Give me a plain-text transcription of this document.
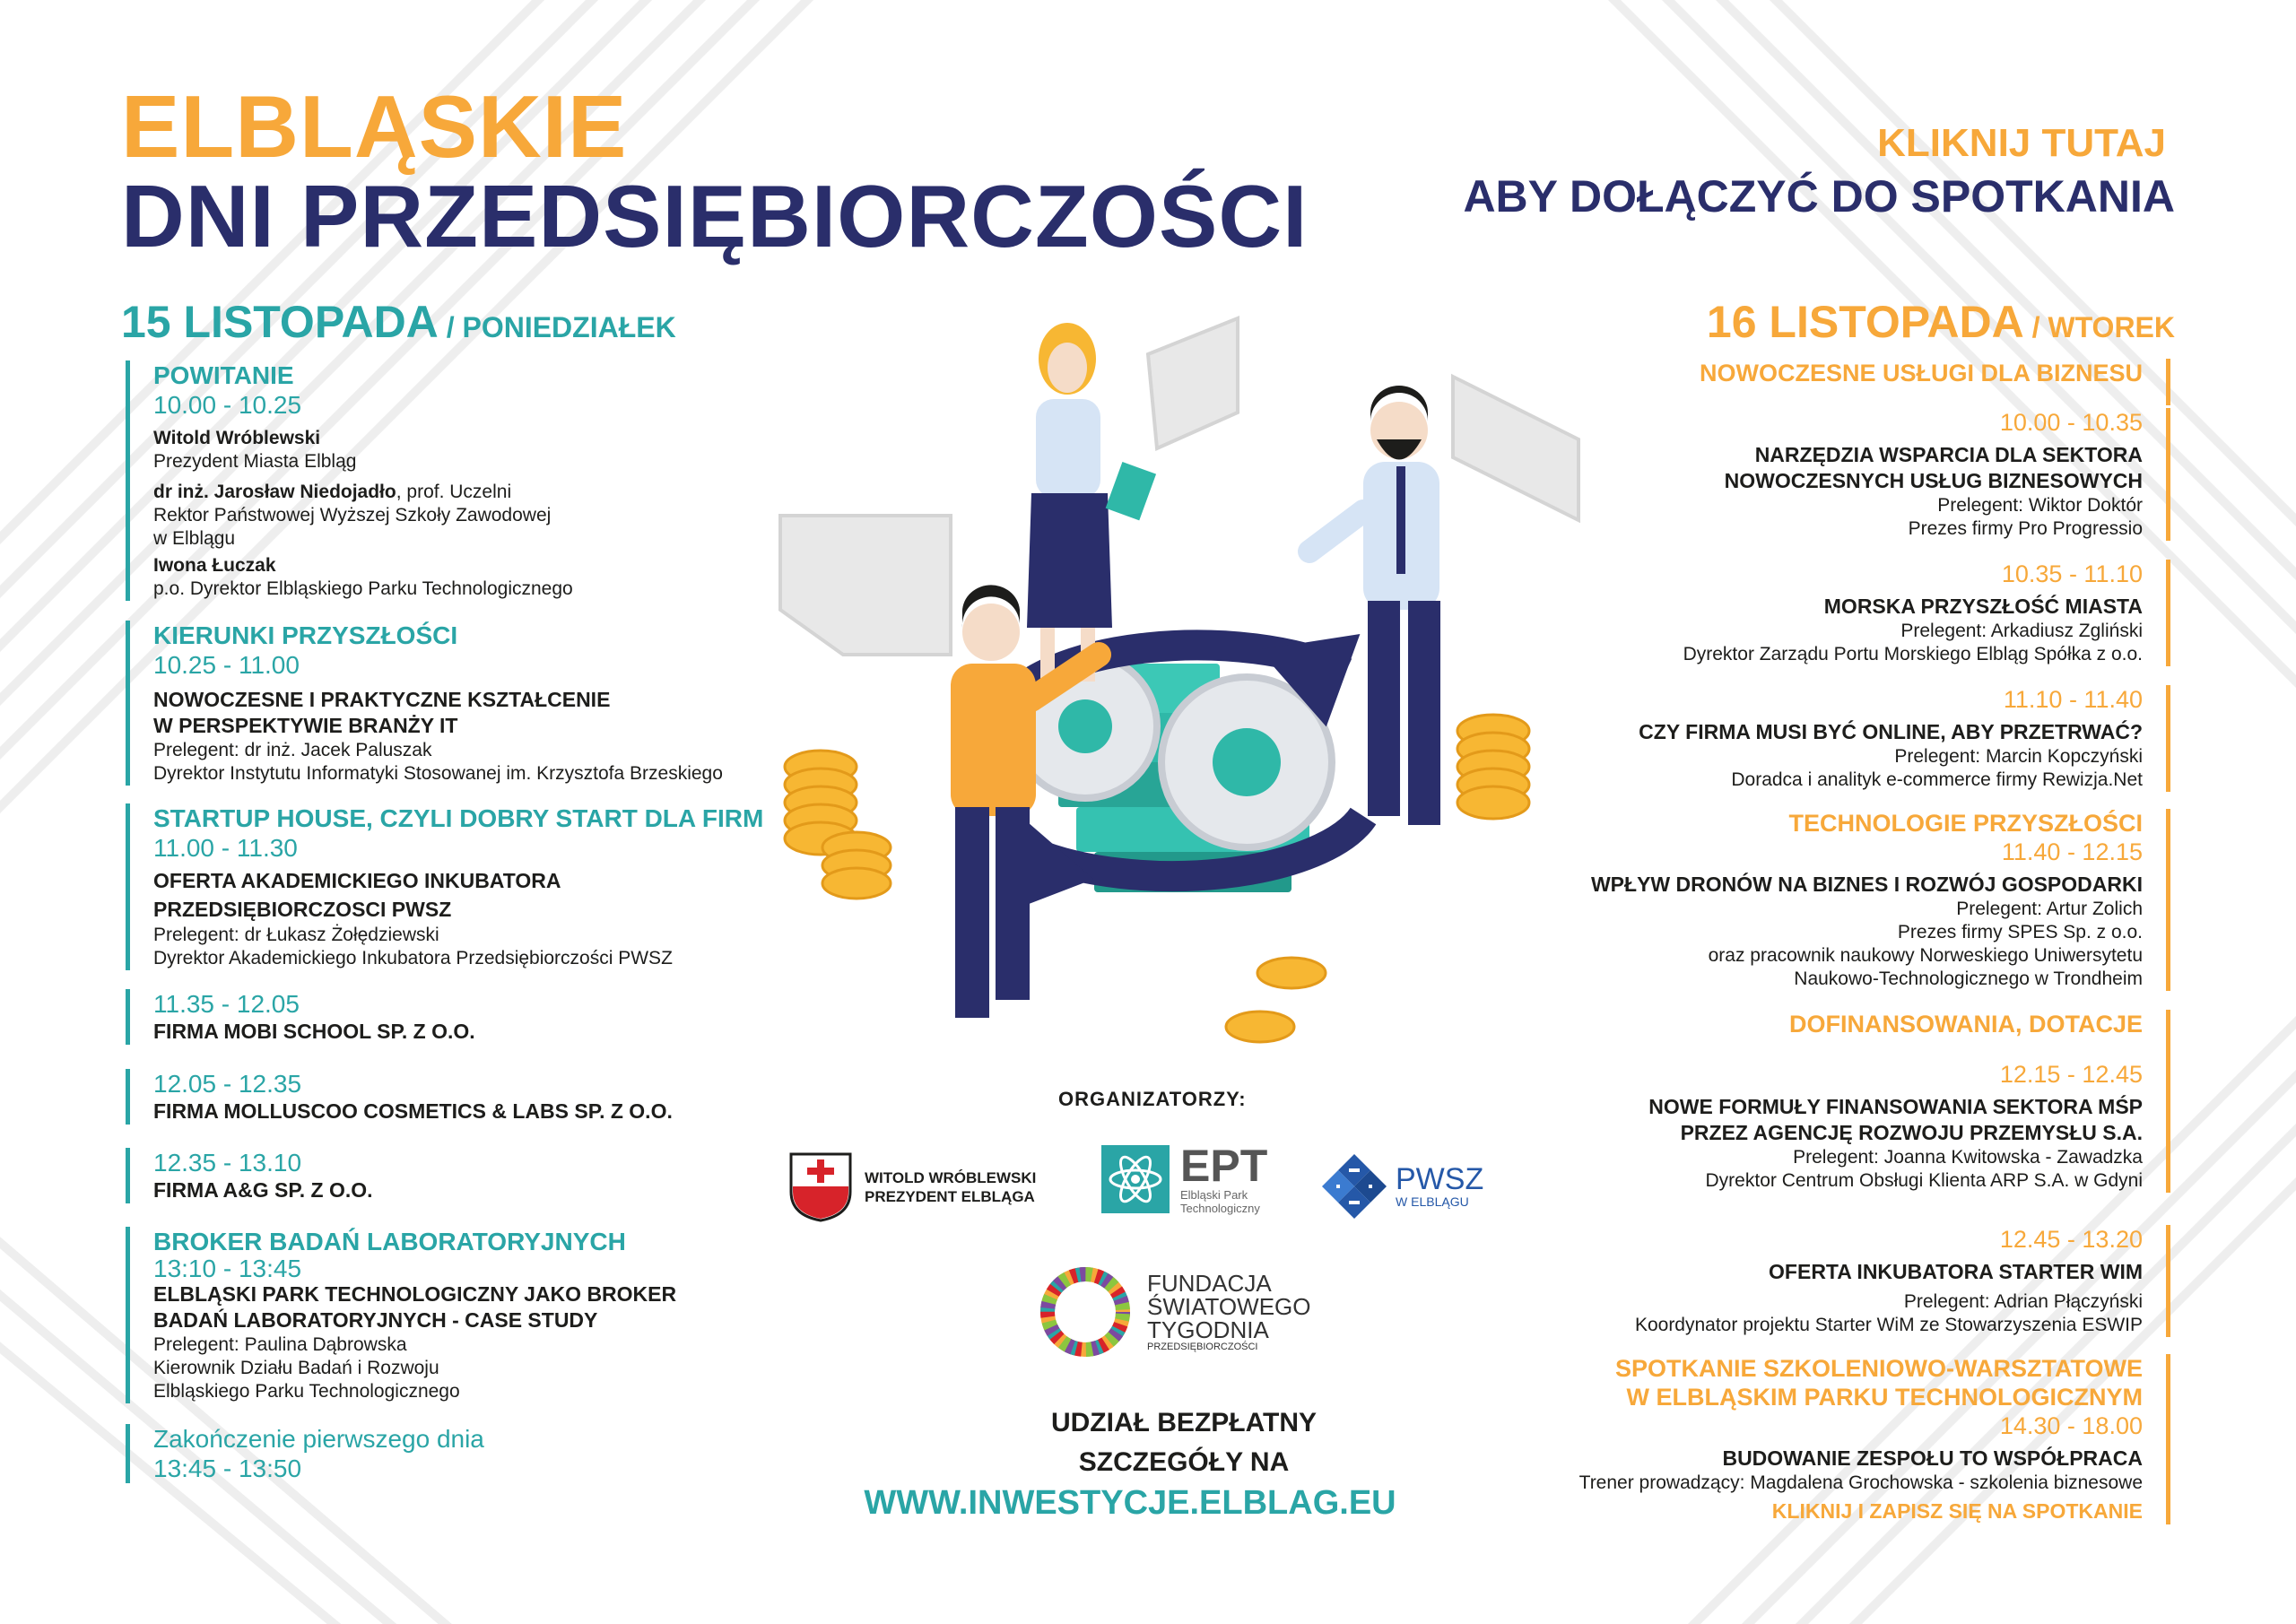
ELBLĄSKIE
DNI PRZEDSIĘBIORCZOŚCI
KLIKNIJ TUTAJ
ABY DOŁĄCZYĆ DO SPOTKANIA
15 LISTOPADA / PONIEDZIAŁEK	16 LISTOPADA / WTOREK
POWITANIE
10.00 - 10.25
Witold Wróblewski
Prezydent Miasta Elbląg
dr inż. Jarosław Niedojadło, prof. Uczelni
Rektor Państwowej Wyższej Szkoły Zawodowej
w Elblągu
Iwona Łuczak
p.o. Dyrektor Elbląskiego Parku Technologicznego
KIERUNKI PRZYSZŁOŚCI
10.25 - 11.00
NOWOCZESNE I PRAKTYCZNE KSZTAŁCENIE
W PERSPEKTYWIE BRANŻY IT
Prelegent: dr inż. Jacek Paluszak
Dyrektor Instytutu Informatyki Stosowanej im. Krzysztofa Brzeskiego
STARTUP HOUSE, CZYLI DOBRY START DLA FIRM
11.00 - 11.30
OFERTA AKADEMICKIEGO INKUBATORA
PRZEDSIĘBIORCZOSCI PWSZ
Prelegent: dr Łukasz Żołędziewski
Dyrektor Akademickiego Inkubatora Przedsiębiorczości PWSZ
11.35 - 12.05
FIRMA MOBI SCHOOL SP. Z O.O.
12.05 - 12.35
FIRMA MOLLUSCOO COSMETICS & LABS SP. Z O.O.
12.35 - 13.10
FIRMA A&G SP. Z O.O.
BROKER BADAŃ LABORATORYJNYCH
13:10 - 13:45
ELBLĄSKI PARK TECHNOLOGICZNY JAKO BROKER
BADAŃ LABORATORYJNYCH - CASE STUDY
Prelegent: Paulina Dąbrowska
Kierownik Działu Badań i Rozwoju
Elbląskiego Parku Technologicznego
Zakończenie pierwszego dnia
13:45 - 13:50
NOWOCZESNE USŁUGI DLA BIZNESU
10.00 - 10.35
NARZĘDZIA WSPARCIA DLA SEKTORA
NOWOCZESNYCH USŁUG BIZNESOWYCH
Prelegent: Wiktor Doktór
Prezes firmy Pro Progressio
10.35 - 11.10
MORSKA PRZYSZŁOŚĆ MIASTA
Prelegent: Arkadiusz Zgliński
Dyrektor Zarządu Portu Morskiego Elbląg Spółka z o.o.
11.10 - 11.40
CZY FIRMA MUSI BYĆ ONLINE, ABY PRZETRWAĆ?
Prelegent: Marcin Kopczyński
Doradca i analityk e-commerce firmy Rewizja.Net
TECHNOLOGIE PRZYSZŁOŚCI
11.40 - 12.15
WPŁYW DRONÓW NA BIZNES I ROZWÓJ GOSPODARKI
Prelegent: Artur Zolich
Prezes firmy SPES Sp. z o.o.
oraz pracownik naukowy Norweskiego Uniwersytetu
Naukowo-Technologicznego w Trondheim
DOFINANSOWANIA, DOTACJE
12.15 - 12.45
NOWE FORMUŁY FINANSOWANIA SEKTORA MŚP
PRZEZ AGENCJĘ ROZWOJU PRZEMYSŁU S.A.
Prelegent: Joanna Kwitowska - Zawadzka
Dyrektor Centrum Obsługi Klienta ARP S.A. w Gdyni
12.45 - 13.20
OFERTA INKUBATORA STARTER WIM
Prelegent: Adrian Płączyński
Koordynator projektu Starter WiM ze Stowarzyszenia ESWIP
SPOTKANIE SZKOLENIOWO-WARSZTATOWE
W ELBLĄSKIM PARKU TECHNOLOGICZNYM
14.30 - 18.00
BUDOWANIE ZESPOŁU TO WSPÓŁPRACA
Trener prowadzący: Magdalena Grochowska - szkolenia biznesowe
KLIKNIJ I ZAPISZ SIĘ NA SPOTKANIE
ORGANIZATORZY:
WITOLD WRÓBLEWSKI
PREZYDENT ELBLĄGA
EPT
Elbląski Park
Technologiczny
PWSZ
W ELBLĄGU
FUNDACJA
ŚWIATOWEGO
TYGODNIA
PRZEDSIĘBIORCZOŚCI
UDZIAŁ BEZPŁATNY
SZCZEGÓŁY NA
WWW.INWESTYCJE.ELBLAG.EU
